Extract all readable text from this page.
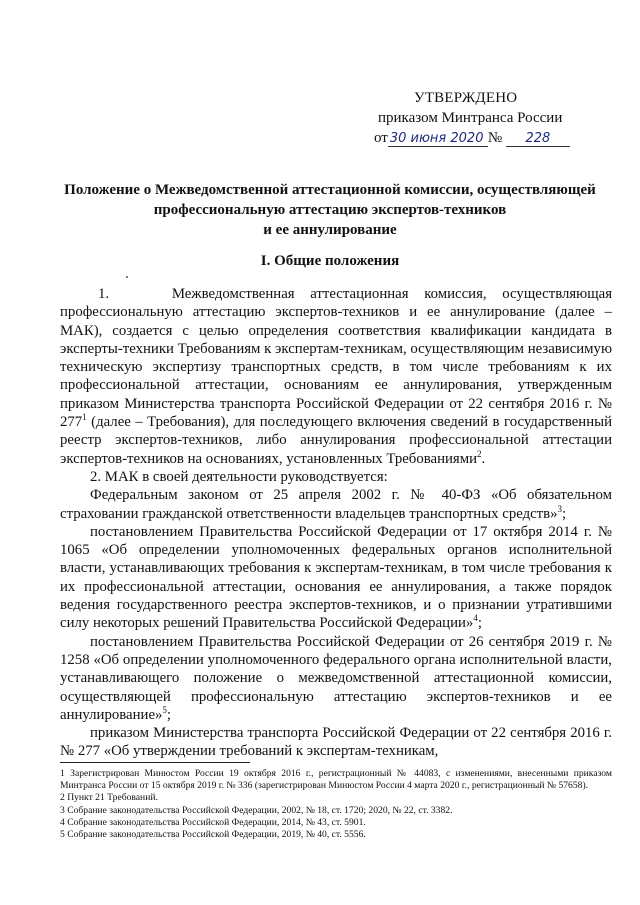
УТВЕРЖДЕНО
приказом Минтранса России
от 30 июня 2020 № 228
Положение о Межведомственной аттестационной комиссии, осуществляющей
профессиональную аттестацию экспертов-техников
и ее аннулирование
I. Общие положения

1.    Межведомственная аттестационная комиссия, осуществляющая профессиональную аттестацию экспертов-техников и ее аннулирование (далее – МАК), создается с целью определения соответствия квалификации кандидата в эксперты-техники Требованиям к экспертам-техникам, осуществляющим независимую техническую экспертизу транспортных средств, в том числе требованиям к их профессиональной аттестации, основаниям ее аннулирования, утвержденным приказом Министерства транспорта Российской Федерации от 22 сентября 2016 г. № 277$^1$ (далее – Требования), для последующего включения сведений в государственный реестр экспертов-техников, либо аннулирования профессиональной аттестации экспертов-техников на основаниях, установленных Требованиями$^2$.

2. МАК в своей деятельности руководствуется:

Федеральным законом от 25 апреля 2002 г. № 40-ФЗ «Об обязательном страховании гражданской ответственности владельцев транспортных средств»$^3$;

постановлением Правительства Российской Федерации от 17 октября 2014 г. № 1065 «Об определении уполномоченных федеральных органов исполнительной власти, устанавливающих требования к экспертам-техникам, в том числе требования к их профессиональной аттестации, основания ее аннулирования, а также порядок ведения государственного реестра экспертов-техников, и о признании утратившими силу некоторых решений Правительства Российской Федерации»$^4$;

постановлением Правительства Российской Федерации от 26 сентября 2019 г. № 1258 «Об определении уполномоченного федерального органа исполнительной власти, устанавливающего положение о межведомственной аттестационной комиссии, осуществляющей профессиональную аттестацию экспертов-техников и ее аннулирование»$^5$;

приказом Министерства транспорта Российской Федерации от 22 сентября 2016 г. № 277 «Об утверждении требований к экспертам-техникам,

1 Зарегистрирован Минюстом России 19 октября 2016 г., регистрационный № 44083, с изменениями, внесенными приказом Минтранса России от 15 октября 2019 г. № 336 (зарегистрирован Минюстом России 4 марта 2020 г., регистрационный № 57658).

2 Пункт 21 Требований.

3 Собрание законодательства Российской Федерации, 2002, № 18, ст. 1720; 2020, № 22, ст. 3382.

4 Собрание законодательства Российской Федерации, 2014, № 43, ст. 5901.

5 Собрание законодательства Российской Федерации, 2019, № 40, ст. 5556.
